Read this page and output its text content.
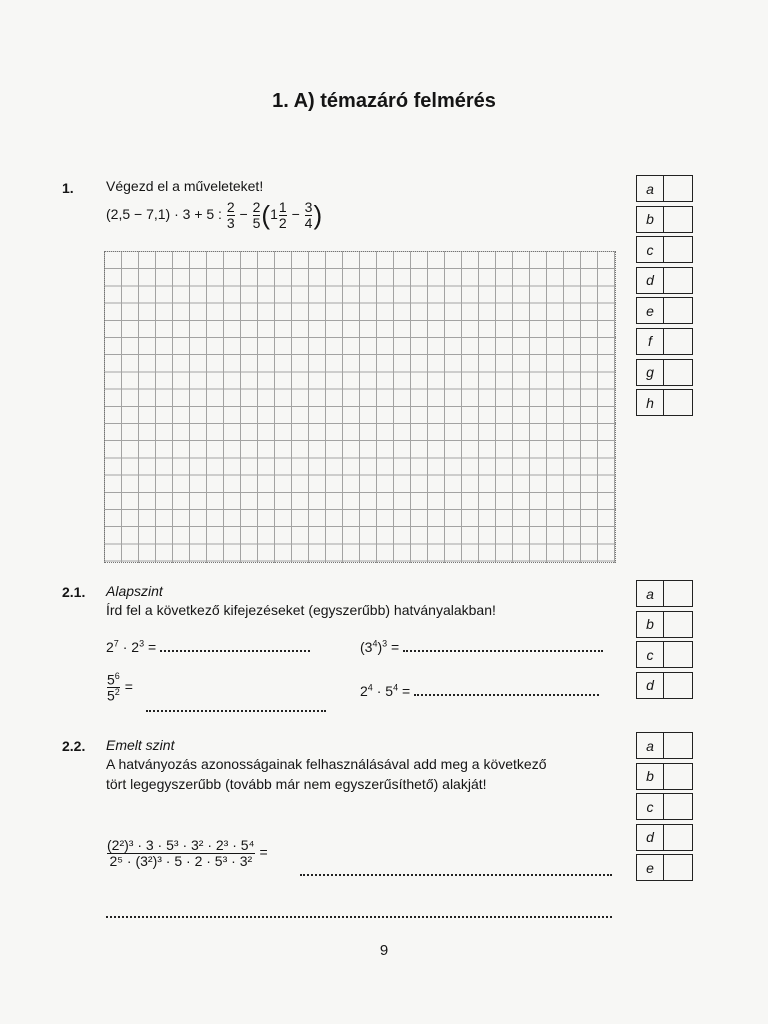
1. A) témazáró felmérés
1. Végezd el a műveleteket!
(2,5 − 7,1) · 3 + 5 : $\frac{2}{3} - \frac{2}{5} (1 \frac{1}{2} - \frac{3}{4}$ )
a
b
c
d
e
f
g
h
2.1. Alapszint
Írd fel a következő kifejezéseket (egyszerűbb) hatványalakban!
$2^7 \cdot 2^3$ =	$(3^4)^3$ =
$\frac{5^6}{5^2}$ =	$2^4 \cdot 5^4$ =
a
b
c
d
2.2. Emelt szint
A hatványozás azonosságainak felhasználásával add meg a következő
tört legegyszerűbb (tovább már nem egyszerűsíthető) alakját!
$\frac{\text{(2²)³ · 3 · 5³ · 3² · 2³ · 5⁴}}{\text{2⁵ · (3²)³ · 5 · 2 · 5³ · 3²}}$ =
a
b
c
d
e
9
